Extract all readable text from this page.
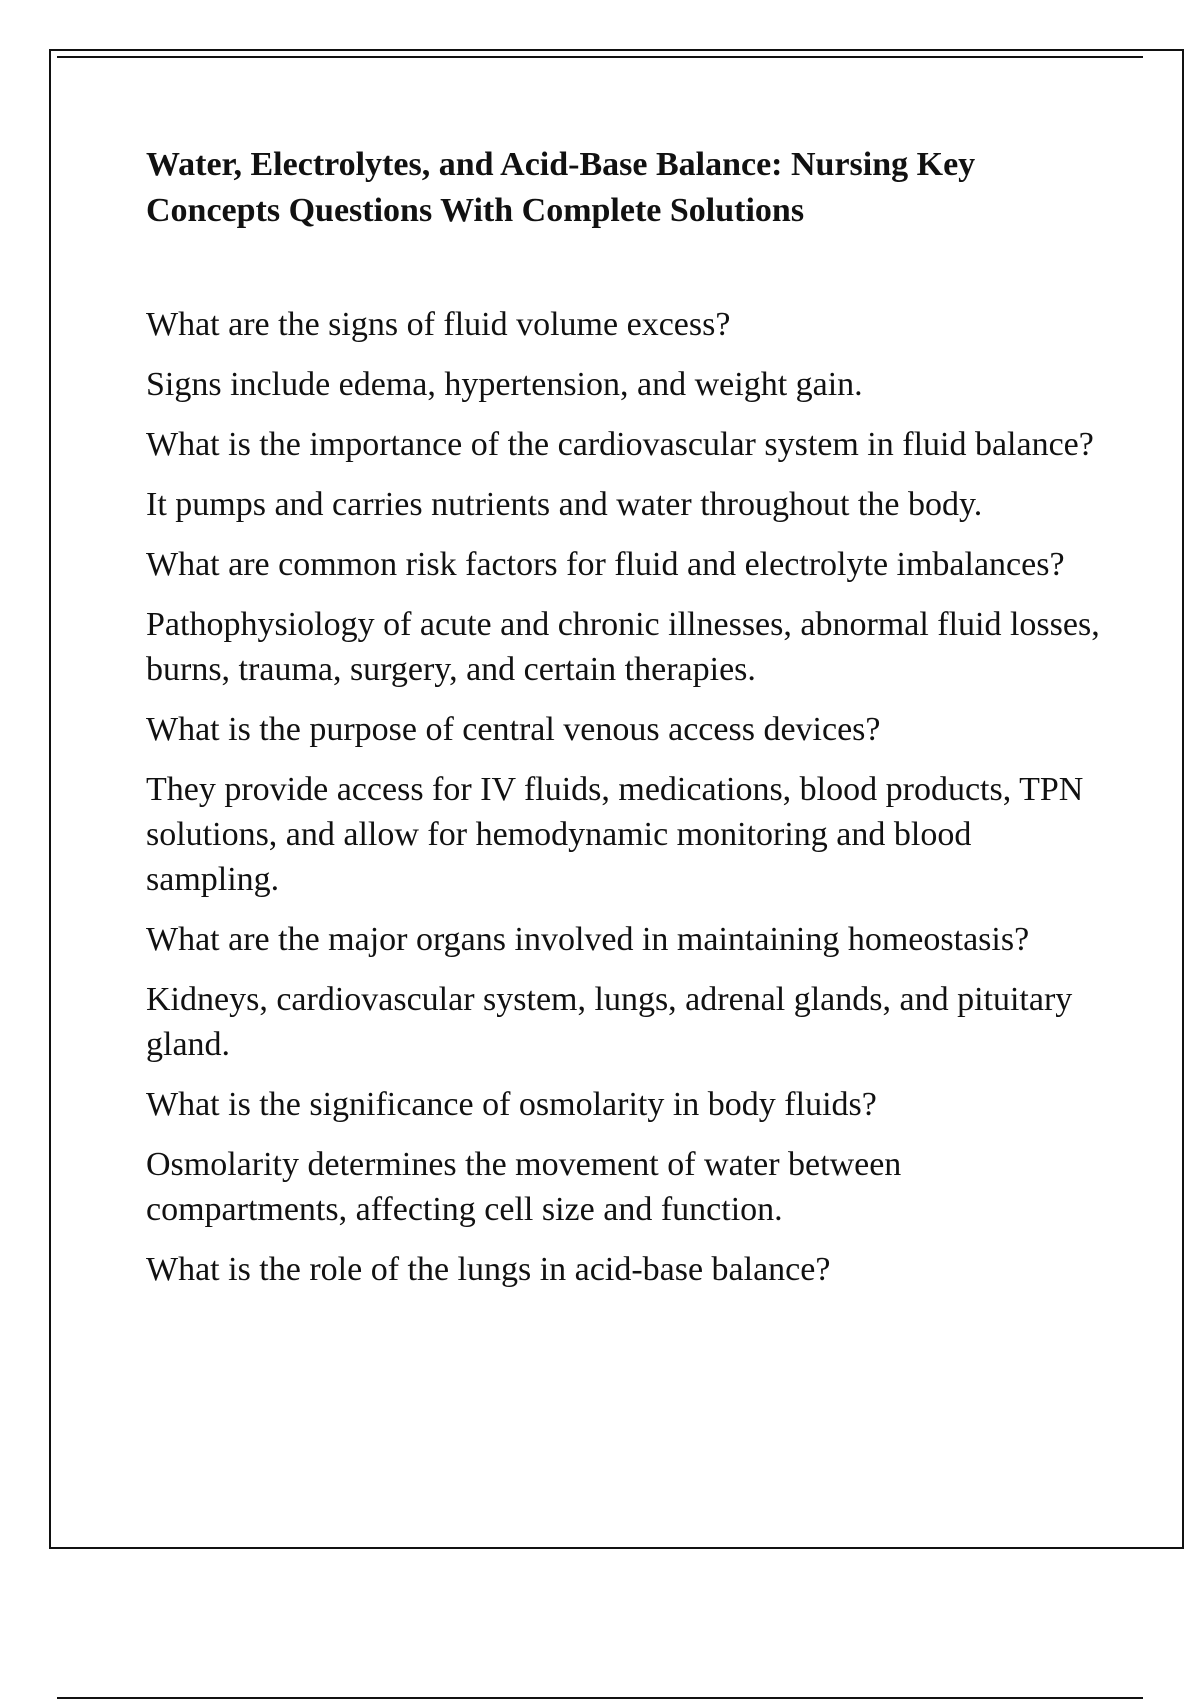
Water, Electrolytes, and Acid-Base Balance: Nursing Key Concepts Questions With Complete Solutions

What are the signs of fluid volume excess?

Signs include edema, hypertension, and weight gain.

What is the importance of the cardiovascular system in fluid balance?

It pumps and carries nutrients and water throughout the body.

What are common risk factors for fluid and electrolyte imbalances?

Pathophysiology of acute and chronic illnesses, abnormal fluid losses, burns, trauma, surgery, and certain therapies.

What is the purpose of central venous access devices?

They provide access for IV fluids, medications, blood products, TPN solutions, and allow for hemodynamic monitoring and blood sampling.

What are the major organs involved in maintaining homeostasis?

Kidneys, cardiovascular system, lungs, adrenal glands, and pituitary gland.

What is the significance of osmolarity in body fluids?

Osmolarity determines the movement of water between compartments, affecting cell size and function.

What is the role of the lungs in acid-base balance?
